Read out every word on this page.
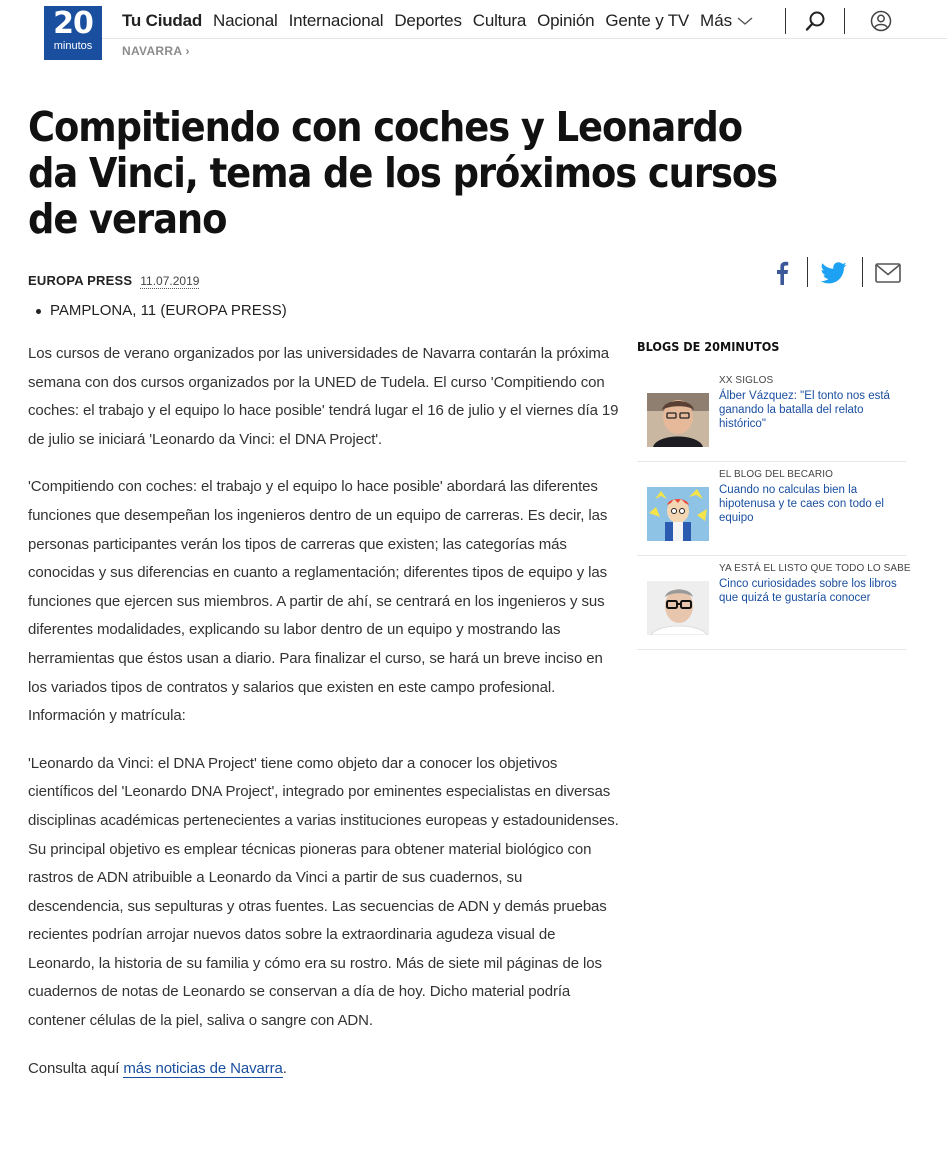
20
minutos
Tu Ciudad Nacional Internacional Deportes Cultura Opinión Gente y TV Más
NAVARRA ›
Compitiendo con coches y Leonardo da Vinci, tema de los próximos cursos de verano
EUROPA PRESS 11.07.2019
PAMPLONA, 11 (EUROPA PRESS)

Los cursos de verano organizados por las universidades de Navarra contarán la próxima semana con dos cursos organizados por la UNED de Tudela. El curso 'Compitiendo con coches: el trabajo y el equipo lo hace posible' tendrá lugar el 16 de julio y el viernes día 19 de julio se iniciará 'Leonardo da Vinci: el DNA Project'.

'Compitiendo con coches: el trabajo y el equipo lo hace posible' abordará las diferentes funciones que desempeñan los ingenieros dentro de un equipo de carreras. Es decir, las personas participantes verán los tipos de carreras que existen; las categorías más conocidas y sus diferencias en cuanto a reglamentación; diferentes tipos de equipo y las funciones que ejercen sus miembros. A partir de ahí, se centrará en los ingenieros y sus diferentes modalidades, explicando su labor dentro de un equipo y mostrando las herramientas que éstos usan a diario. Para finalizar el curso, se hará un breve inciso en los variados tipos de contratos y salarios que existen en este campo profesional. Información y matrícula:

'Leonardo da Vinci: el DNA Project' tiene como objeto dar a conocer los objetivos científicos del 'Leonardo DNA Project', integrado por eminentes especialistas en diversas disciplinas académicas pertenecientes a varias instituciones europeas y estadounidenses. Su principal objetivo es emplear técnicas pioneras para obtener material biológico con rastros de ADN atribuible a Leonardo da Vinci a partir de sus cuadernos, su descendencia, sus sepulturas y otras fuentes. Las secuencias de ADN y demás pruebas recientes podrían arrojar nuevos datos sobre la extraordinaria agudeza visual de Leonardo, la historia de su familia y cómo era su rostro. Más de siete mil páginas de los cuadernos de notas de Leonardo se conservan a día de hoy. Dicho material podría contener células de la piel, saliva o sangre con ADN.

Consulta aquí más noticias de Navarra.

BLOGS DE 20MINUTOS
XX SIGLOS
Álber Vázquez: "El tonto nos está ganando la batalla del relato histórico"
EL BLOG DEL BECARIO
Cuando no calculas bien la hipotenusa y te caes con todo el equipo
YA ESTÁ EL LISTO QUE TODO LO SABE
Cinco curiosidades sobre los libros que quizá te gustaría conocer
